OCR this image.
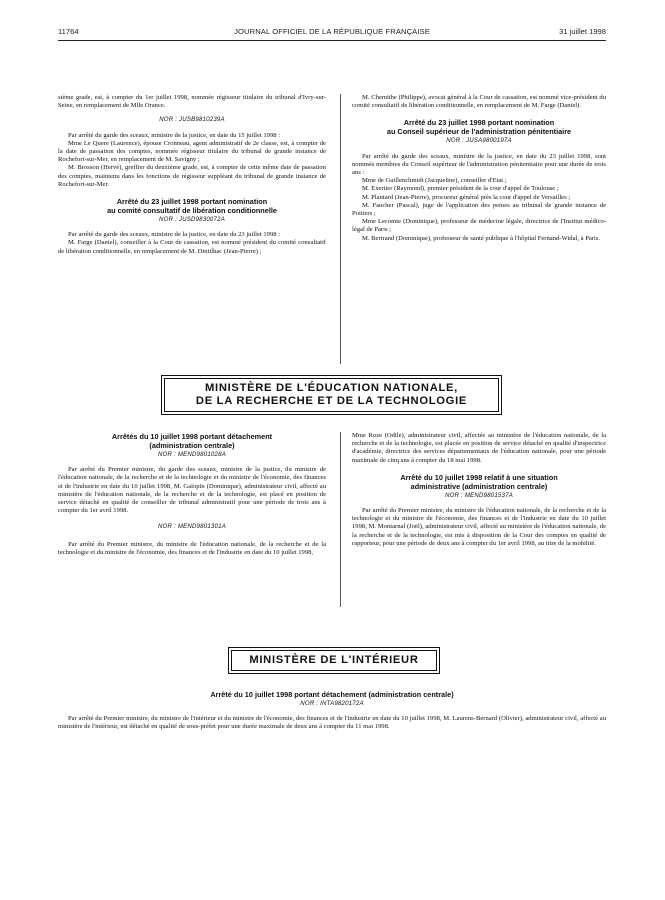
11764	JOURNAL OFFICIEL DE LA RÉPUBLIQUE FRANÇAISE	31 juillet 1998

sième grade, est, à compter du 1er juillet 1998, nommée régisseur titulaire du tribunal d'Ivry-sur-Seine, en remplacement de Mlle Orance.

NOR : JUSB9810239A

Par arrêté du garde des sceaux, ministre de la justice, en date du 15 juillet 1998 :

Mme Le Quere (Laurence), épouse Cronneau, agent administratif de 2e classe, est, à compter de la date de passation des comptes, nommée régisseur titulaire du tribunal de grande instance de Rochefort-sur-Mer, en remplacement de M. Savigny ;

M. Brosson (Hervé), greffier du deuxième grade, est, à compter de cette même date de passation des comptes, maintenu dans les fonctions de régisseur suppléant du tribunal de grande instance de Rochefort-sur-Mer.

Arrêté du 23 juillet 1998 portant nomination
au comité consultatif de libération conditionnelle
NOR : JUSD9830072A

Par arrêté du garde des sceaux, ministre de la justice, en date du 23 juillet 1998 :

M. Farge (Daniel), conseiller à la Cour de cassation, est nommé président du comité consultatif de libération conditionnelle, en remplacement de M. Dintilhac (Jean-Pierre) ;

M. Chemithe (Philippe), avocat général à la Cour de cassation, est nommé vice-président du comité consultatif de libération conditionnelle, en remplacement de M. Farge (Daniel).

Arrêté du 23 juillet 1998 portant nomination
au Conseil supérieur de l'administration pénitentiaire
NOR : JUSA9800197A

Par arrêté du garde des sceaux, ministre de la justice, en date du 23 juillet 1998, sont nommés membres du Conseil supérieur de l'administration pénitentiaire pour une durée de trois ans :

Mme de Guillenchmidt (Jacqueline), conseiller d'Etat ;

M. Exertier (Raymond), premier président de la cour d'appel de Toulouse ;

M. Plantard (Jean-Pierre), procureur général près la cour d'appel de Versailles ;

M. Faucher (Pascal), juge de l'application des peines au tribunal de grande instance de Poitiers ;

Mme Lecomte (Dominique), professeur de médecine légale, directrice de l'Institut médico-légal de Paris ;

M. Bertrand (Dominique), professeur de santé publique à l'hôpital Fernand-Widal, à Paris.

MINISTÈRE DE L'ÉDUCATION NATIONALE,
DE LA RECHERCHE ET DE LA TECHNOLOGIE
Arrêtés du 10 juillet 1998 portant détachement
(administration centrale)
NOR : MEND9801028A

Par arrêté du Premier ministre, du garde des sceaux, ministre de la justice, du ministre de l'éducation nationale, de la recherche et de la technologie et du ministre de l'économie, des finances et de l'industrie en date du 10 juillet 1998, M. Galopin (Dominique), administrateur civil, affecté au ministère de l'éducation nationale, de la recherche et de la technologie, est placé en position de service détaché en qualité de conseiller de tribunal administratif pour une période de trois ans à compter du 1er avril 1998.

NOR : MEND9801301A

Par arrêté du Premier ministre, du ministre de l'éducation nationale, de la recherche et de la technologie et du ministre de l'économie, des finances et de l'industrie en date du 10 juillet 1998,

Mme Roze (Odile), administrateur civil, affectée au ministère de l'éducation nationale, de la recherche et de la technologie, est placée en position de service détaché en qualité d'inspectrice d'académie, directrice des services départementaux de l'éducation nationale, pour une période maximale de cinq ans à compter du 18 mai 1998.

Arrêté du 10 juillet 1998 relatif à une situation
administrative (administration centrale)
NOR : MEND9801537A

Par arrêté du Premier ministre, du ministre de l'éducation nationale, de la recherche et de la technologie et du ministre de l'économie, des finances et de l'industrie en date du 10 juillet 1998, M. Montarnal (Joël), administrateur civil, affecté au ministère de l'éducation nationale, de la recherche et de la technologie, est mis à disposition de la Cour des comptes en qualité de rapporteur, pour une période de deux ans à compter du 1er avril 1998, au titre de la mobilité.

MINISTÈRE DE L'INTÉRIEUR
Arrêté du 10 juillet 1998 portant détachement (administration centrale)
NOR : INTA9820172A

Par arrêté du Premier ministre, du ministre de l'intérieur et du ministre de l'économie, des finances et de l'industrie en date du 10 juillet 1998, M. Laurens-Bernard (Olivier), administrateur civil, affecté au ministère de l'intérieur, est détaché en qualité de sous-préfet pour une durée maximale de deux ans à compter du 11 mai 1998.
